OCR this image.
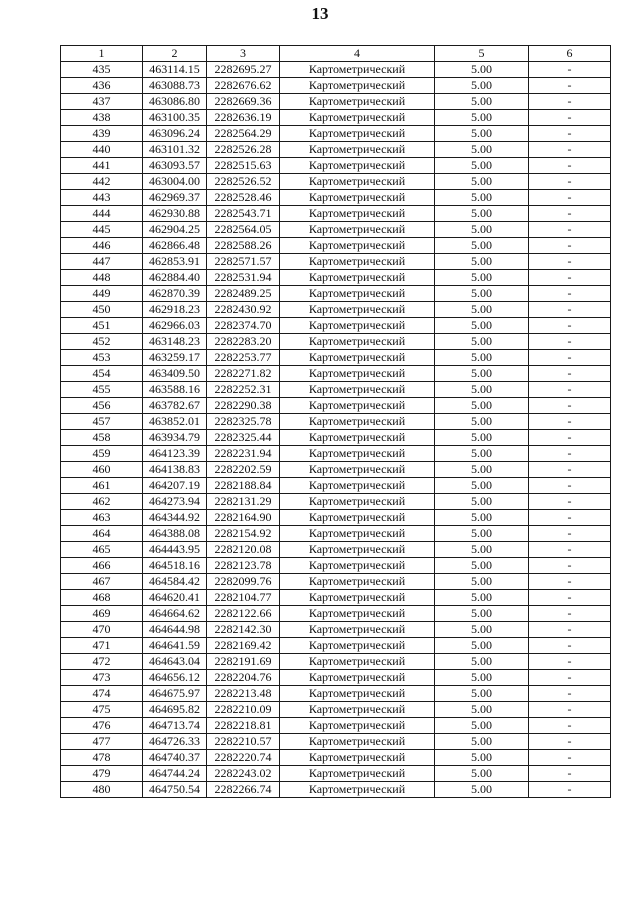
13
1	2	3	4	5	6
435	463114.15	2282695.27	Картометрический	5.00	-
436	463088.73	2282676.62	Картометрический	5.00	-
437	463086.80	2282669.36	Картометрический	5.00	-
438	463100.35	2282636.19	Картометрический	5.00	-
439	463096.24	2282564.29	Картометрический	5.00	-
440	463101.32	2282526.28	Картометрический	5.00	-
441	463093.57	2282515.63	Картометрический	5.00	-
442	463004.00	2282526.52	Картометрический	5.00	-
443	462969.37	2282528.46	Картометрический	5.00	-
444	462930.88	2282543.71	Картометрический	5.00	-
445	462904.25	2282564.05	Картометрический	5.00	-
446	462866.48	2282588.26	Картометрический	5.00	-
447	462853.91	2282571.57	Картометрический	5.00	-
448	462884.40	2282531.94	Картометрический	5.00	-
449	462870.39	2282489.25	Картометрический	5.00	-
450	462918.23	2282430.92	Картометрический	5.00	-
451	462966.03	2282374.70	Картометрический	5.00	-
452	463148.23	2282283.20	Картометрический	5.00	-
453	463259.17	2282253.77	Картометрический	5.00	-
454	463409.50	2282271.82	Картометрический	5.00	-
455	463588.16	2282252.31	Картометрический	5.00	-
456	463782.67	2282290.38	Картометрический	5.00	-
457	463852.01	2282325.78	Картометрический	5.00	-
458	463934.79	2282325.44	Картометрический	5.00	-
459	464123.39	2282231.94	Картометрический	5.00	-
460	464138.83	2282202.59	Картометрический	5.00	-
461	464207.19	2282188.84	Картометрический	5.00	-
462	464273.94	2282131.29	Картометрический	5.00	-
463	464344.92	2282164.90	Картометрический	5.00	-
464	464388.08	2282154.92	Картометрический	5.00	-
465	464443.95	2282120.08	Картометрический	5.00	-
466	464518.16	2282123.78	Картометрический	5.00	-
467	464584.42	2282099.76	Картометрический	5.00	-
468	464620.41	2282104.77	Картометрический	5.00	-
469	464664.62	2282122.66	Картометрический	5.00	-
470	464644.98	2282142.30	Картометрический	5.00	-
471	464641.59	2282169.42	Картометрический	5.00	-
472	464643.04	2282191.69	Картометрический	5.00	-
473	464656.12	2282204.76	Картометрический	5.00	-
474	464675.97	2282213.48	Картометрический	5.00	-
475	464695.82	2282210.09	Картометрический	5.00	-
476	464713.74	2282218.81	Картометрический	5.00	-
477	464726.33	2282210.57	Картометрический	5.00	-
478	464740.37	2282220.74	Картометрический	5.00	-
479	464744.24	2282243.02	Картометрический	5.00	-
480	464750.54	2282266.74	Картометрический	5.00	-
